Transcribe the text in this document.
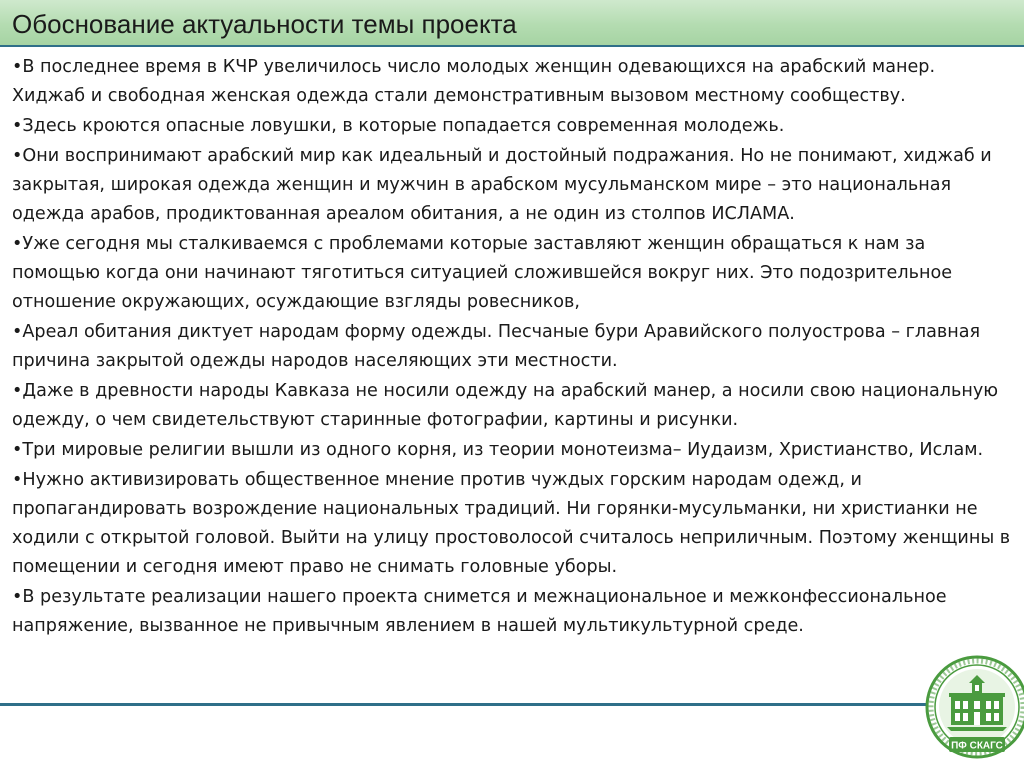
Обоснование актуальности темы проекта

•В последнее время в КЧР увеличилось число молодых женщин одевающихся на арабский манер. Хиджаб и свободная женская одежда стали демонстративным вызовом местному сообществу.

•Здесь кроются опасные ловушки, в которые попадается современная молодежь.

•Они воспринимают арабский мир как идеальный и достойный подражания. Но не понимают, хиджаб и закрытая, широкая одежда женщин и мужчин в арабском мусульманском мире – это национальная одежда арабов, продиктованная ареалом обитания, а не один из столпов ИСЛАМА.

•Уже сегодня мы сталкиваемся с проблемами которые заставляют женщин обращаться к нам за помощью когда они начинают тяготиться ситуацией сложившейся вокруг них. Это подозрительное отношение окружающих, осуждающие взгляды ровесников,

•Ареал обитания диктует народам форму одежды. Песчаные бури Аравийского полуострова – главная причина закрытой одежды народов населяющих эти местности.

•Даже в древности народы Кавказа не носили одежду на арабский манер, а носили свою национальную одежду, о чем свидетельствуют старинные фотографии, картины и рисунки.

•Три мировые религии вышли из одного корня, из теории монотеизма– Иудаизм, Христианство, Ислам.

•Нужно активизировать общественное мнение против чуждых горским народам одежд, и пропагандировать возрождение национальных традиций. Ни горянки-мусульманки, ни христианки не ходили с открытой головой. Выйти на улицу простоволосой считалось неприличным. Поэтому женщины в помещении и сегодня имеют право не снимать головные уборы.

•В результате реализации нашего проекта снимется и межнациональное и межконфессиональное напряжение, вызванное не привычным явлением в нашей мультикультурной среде.

ПФ СКАГС
